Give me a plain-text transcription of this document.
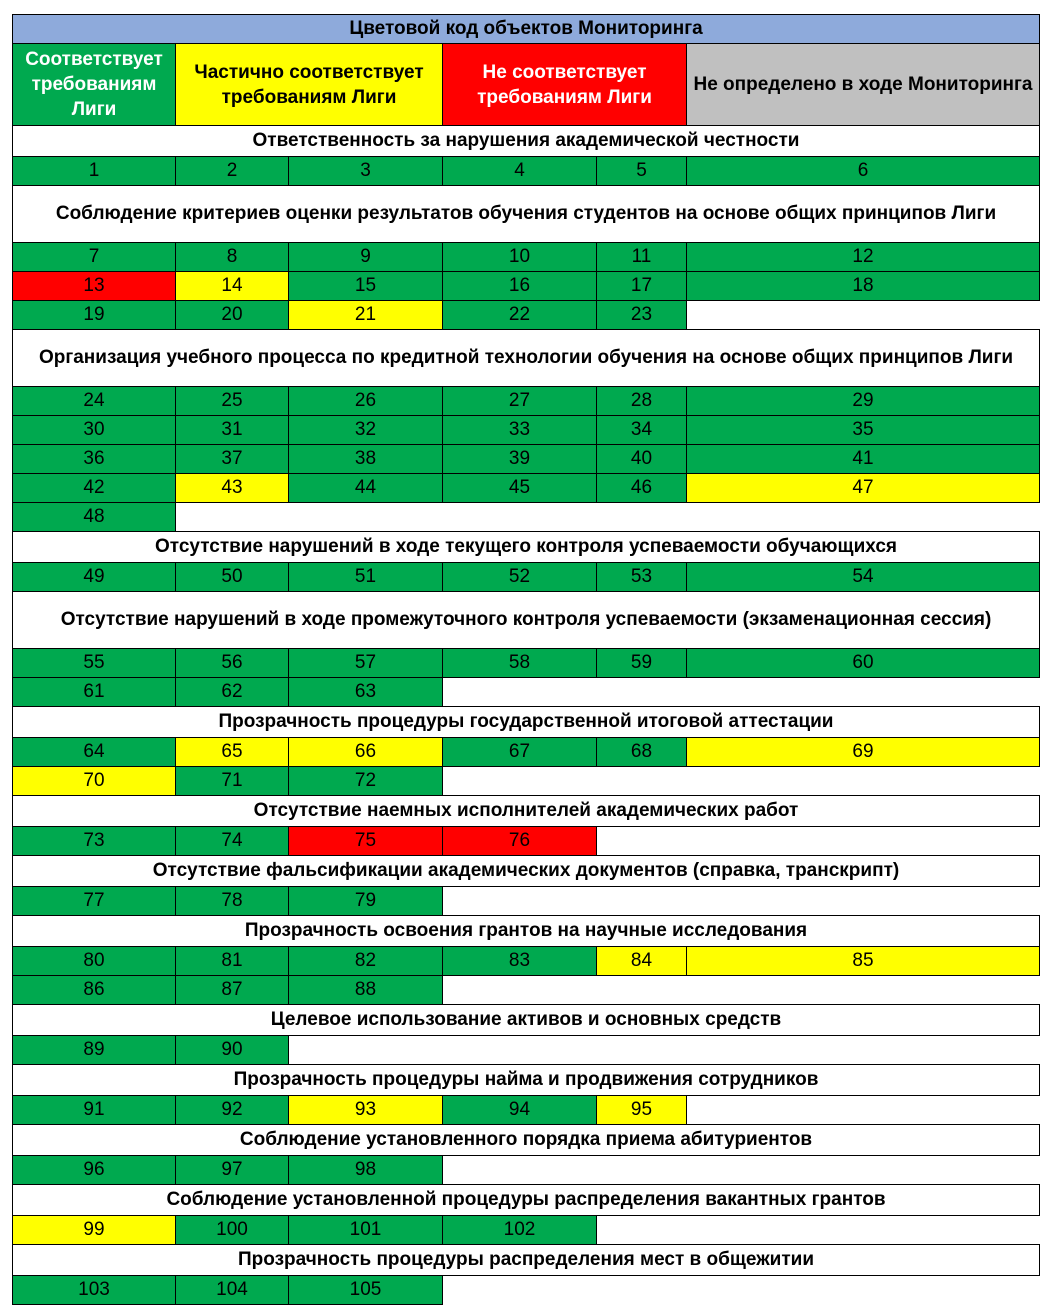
Цветовой код объектов Мониторинга					
Соответствует требованиям Лиги	Частично соответствует требованиям Лиги		Не соответствует требованиям Лиги		Не определено в ходе Мониторинга
Ответственность за нарушения академической честности					
1	2	3	4	5	6
Соблюдение критериев оценки результатов обучения студентов на основе общих принципов Лиги					
7	8	9	10	11	12
13	14	15	16	17	18
19	20	21	22	23	
Организация учебного процесса по кредитной технологии обучения на основе общих принципов Лиги					
24	25	26	27	28	29
30	31	32	33	34	35
36	37	38	39	40	41
42	43	44	45	46	47
48					
Отсутствие нарушений в ходе текущего контроля успеваемости обучающихся					
49	50	51	52	53	54
Отсутствие нарушений в ходе промежуточного контроля успеваемости (экзаменационная сессия)					
55	56	57	58	59	60
61	62	63			
Прозрачность процедуры государственной итоговой аттестации					
64	65	66	67	68	69
70	71	72			
Отсутствие наемных исполнителей академических работ					
73	74	75	76		
Отсутствие фальсификации академических документов (справка, транскрипт)					
77	78	79			
Прозрачность освоения грантов на научные исследования					
80	81	82	83	84	85
86	87	88			
Целевое использование активов и основных средств					
89	90				
Прозрачность процедуры найма и продвижения сотрудников					
91	92	93	94	95	
Соблюдение установленного порядка приема абитуриентов					
96	97	98			
Соблюдение установленной процедуры распределения вакантных грантов					
99	100	101	102		
Прозрачность процедуры распределения мест в общежитии					
103	104	105			
